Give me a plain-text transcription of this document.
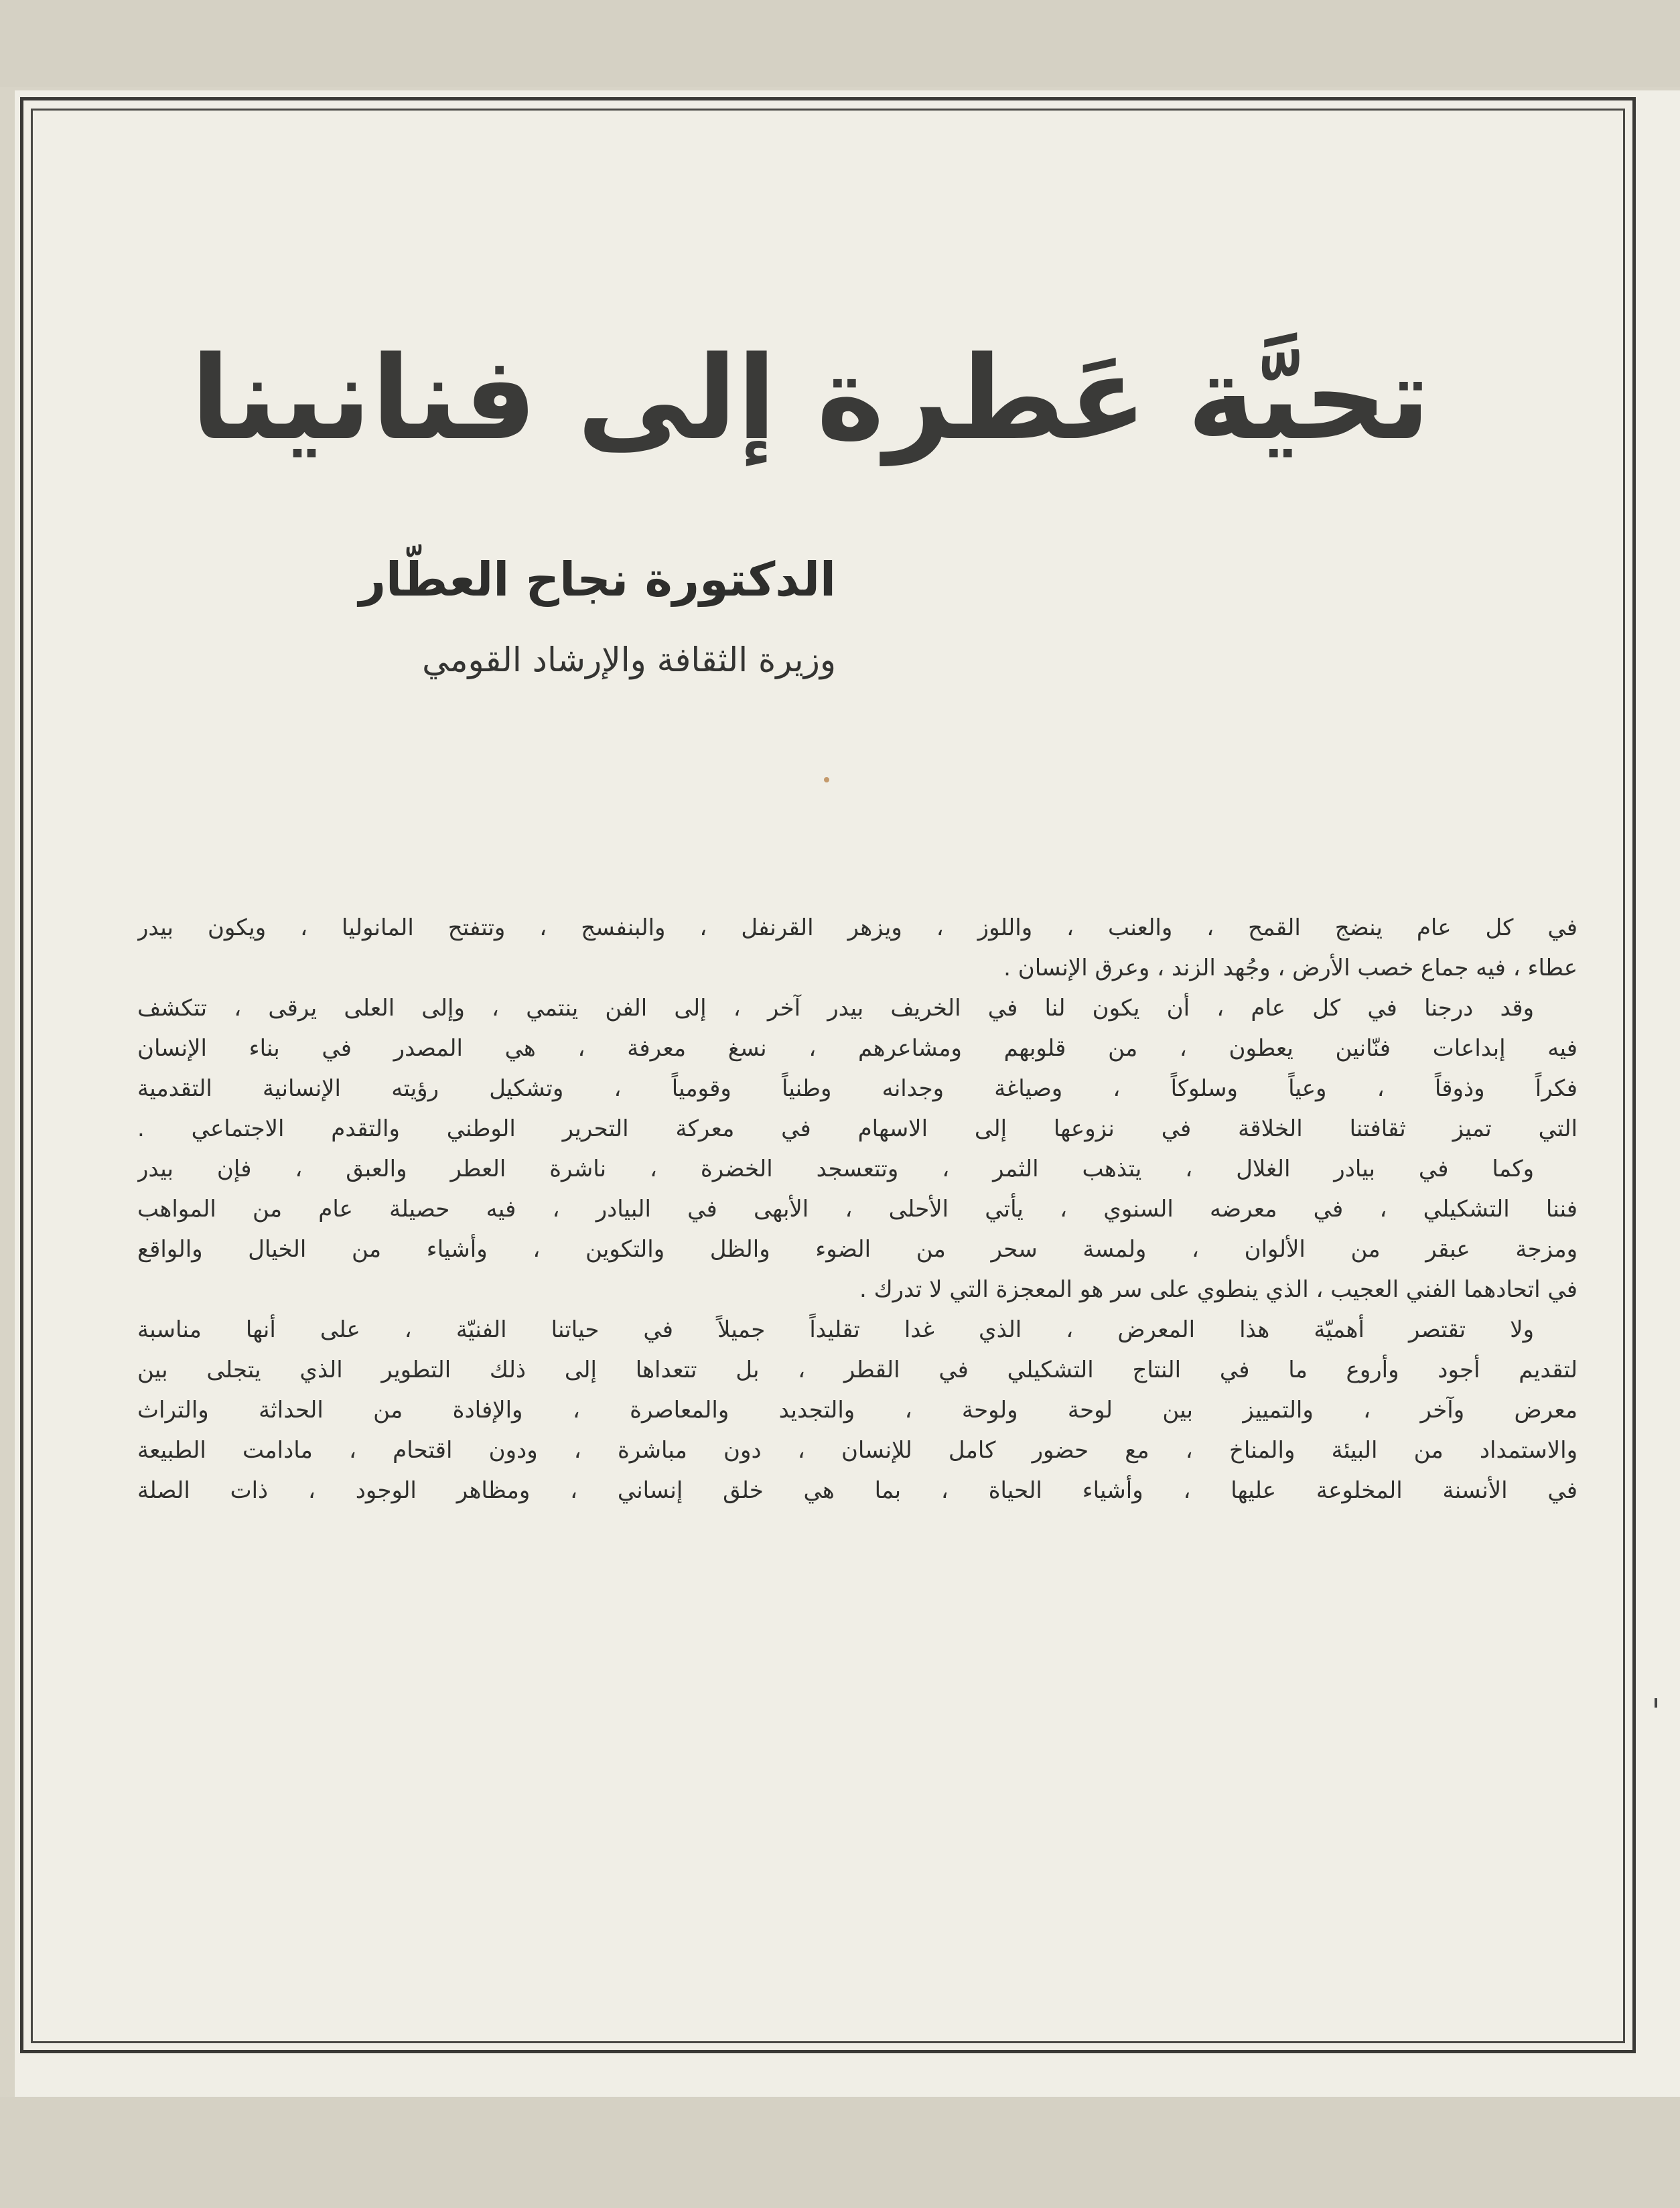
تحيَّة عَطرة إلى فنانينا
الدكتورة نجاح العطّار
وزيرة الثقافة والإرشاد القومي

في كل عام ينضج القمح ، والعنب ، واللوز ، ويزهر القرنفل ، والبنفسج ، وتتفتح المانوليا ، ويكون بيدر
عطاء ، فيه جماع خصب الأرض ، وجُهد الزند ، وعرق الإنسان .

وقد درجنا في كل عام ، أن يكون لنا في الخريف بيدر آخر ، إلى الفن ينتمي ، وإلى العلى يرقى ، تتكشف
فيه إبداعات فنّانين يعطون ، من قلوبهم ومشاعرهم ، نسغ معرفة ، هي المصدر في بناء الإنسان
فكراً وذوقاً ، وعياً وسلوكاً ، وصياغة وجدانه وطنياً وقومياً ، وتشكيل رؤيته الإنسانية التقدمية
التي تميز ثقافتنا الخلاقة في نزوعها إلى الاسهام في معركة التحرير الوطني والتقدم الاجتماعي .

وكما في بيادر الغلال ، يتذهب الثمر ، وتتعسجد الخضرة ، ناشرة العطر والعبق ، فإن بيدر
فننا التشكيلي ، في معرضه السنوي ، يأتي الأحلى ، الأبهى في البيادر ، فيه حصيلة عام من المواهب
ومزجة عبقر من الألوان ، ولمسة سحر من الضوء والظل والتكوين ، وأشياء من الخيال والواقع
في اتحادهما الفني العجيب ، الذي ينطوي على سر هو المعجزة التي لا تدرك .

ولا تقتصر أهميّة هذا المعرض ، الذي غدا تقليداً جميلاً في حياتنا الفنيّة ، على أنها مناسبة
لتقديم أجود وأروع ما في النتاج التشكيلي في القطر ، بل تتعداها إلى ذلك التطوير الذي يتجلى بين
معرض وآخر ، والتمييز بين لوحة ولوحة ، والتجديد والمعاصرة ، والإفادة من الحداثة والتراث
والاستمداد من البيئة والمناخ ، مع حضور كامل للإنسان ، دون مباشرة ، ودون اقتحام ، مادامت الطبيعة
في الأنسنة المخلوعة عليها ، وأشياء الحياة ، بما هي خلق إنساني ، ومظاهر الوجود ، ذات الصلة
